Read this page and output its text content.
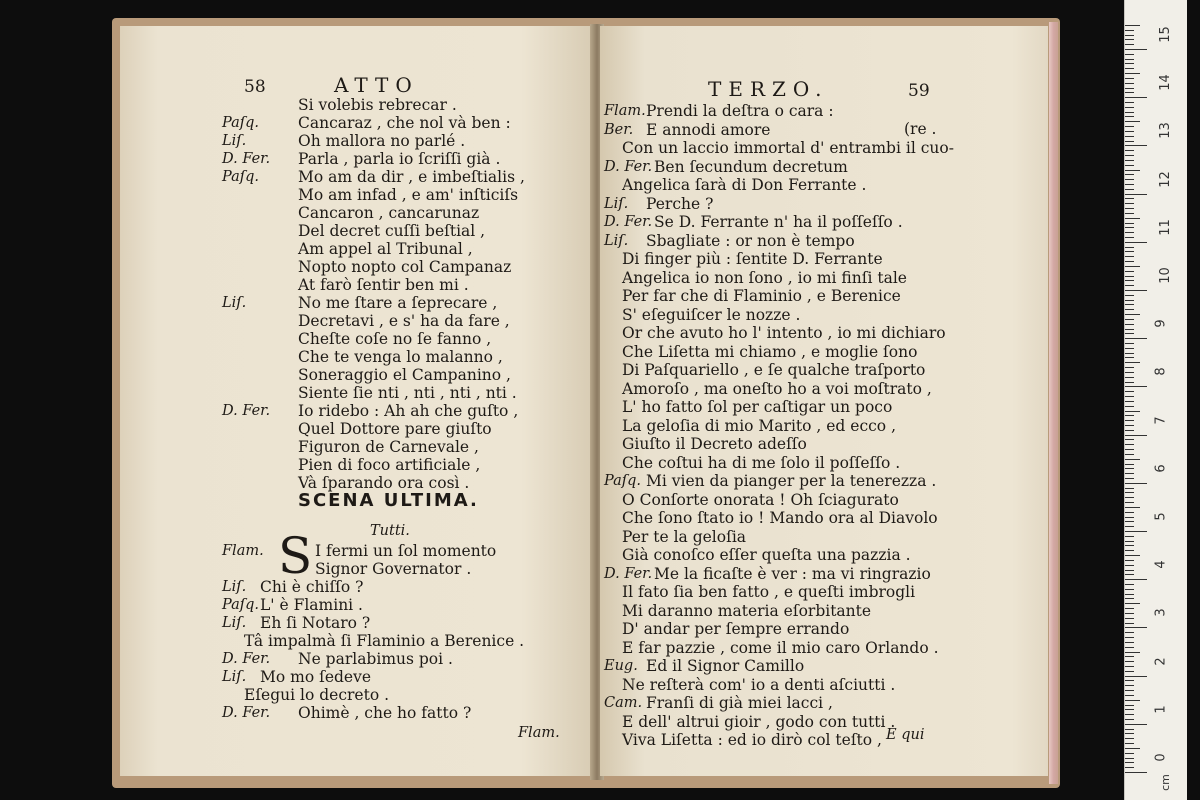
58	ATTO
Si volebis rebrecar .
Paſq.	Cancaraz , che nol và ben :
Liſ.	Oh mallora no parlé .
D. Fer. Parla , parla io ſcriſſi già .
Paſq.	Mo am da dir , e imbeſtialis ,
Mo am infad , e am' inſticiſs
Cancaron , cancarunaz
Del decret cuſſi beſtial ,
Am appel al Tribunal ,
Nopto nopto col Campanaz
At farò ſentir ben mi .
Liſ.	No me ſtare a ſeprecare ,
Decretavi , e s' ha da fare ,
Cheſte coſe no ſe fanno ,
Che te venga lo malanno ,
Soneraggio el Campanino ,
Siente ſie nti , nti , nti , nti .
D. Fer. Io ridebo : Ah ah che guſto ,
Quel Dottore pare giuſto
Figuron de Carnevale ,
Pien di foco artificiale ,
Và ſparando ora così .
SCENA ULTIMA.
Tutti.
Flam. S I fermi un ſol momento
Signor Governator .
Liſ. Chi è chiſſo ?
Paſq. L' è Flamini .
Liſ. Eh ſi Notaro ?
Tâ impalmà ſi Flaminio a Berenice .
D. Fer. Ne parlabimus poi .
Liſ. Mo mo ſedeve
Eſegui lo decreto .
D. Fer. Ohimè , che ho fatto ?
Flam.
TERZO.	59
Flam. Prendi la deſtra o cara :
Ber. E annodi amore
Con un laccio immortal d' entrambi il cuo-
D. Fer. Ben ſecundum decretum
Angelica ſarà di Don Ferrante .
Liſ. Perche ?
D. Fer. Se D. Ferrante n' ha il poſſeſſo .
Liſ. Sbagliate : or non è tempo
Di finger più : ſentite D. Ferrante
Angelica io non ſono , io mi finſi tale
Per far che di Flaminio , e Berenice
S' eſeguiſcer le nozze .
Or che avuto ho l' intento , io mi dichiaro
Che Liſetta mi chiamo , e moglie ſono
Di Paſquariello , e ſe qualche traſporto
Amoroſo , ma oneſto ho a voi moſtrato ,
L' ho fatto ſol per caſtigar un poco
La geloſia di mio Marito , ed ecco ,
Giuſto il Decreto adeſſo
Che coſtui ha di me ſolo il poſſeſſo .
Paſq. Mi vien da pianger per la tenerezza .
O Conſorte onorata ! Oh ſciagurato
Che ſono ſtato io ! Mando ora al Diavolo
Per te la geloſia
Già conoſco eſſer queſta una pazzia .
D. Fer. Me la ficaſte è ver : ma vi ringrazio
Il fato ſia ben fatto , e queſti imbrogli
Mi daranno materia eſorbitante
D' andar per ſempre errando
E far pazzie , come il mio caro Orlando .
Eug. Ed il Signor Camillo
Ne reſterà com' io a denti aſciutti .
Cam. Franſi di già miei lacci ,
E dell' altrui gioir , godo con tutti .
Viva Liſetta : ed io dirò col teſto ,
(re .
E qui
0
1
2
3
4
5
6
7
8
9
10
11
12
13
14
15
cm
